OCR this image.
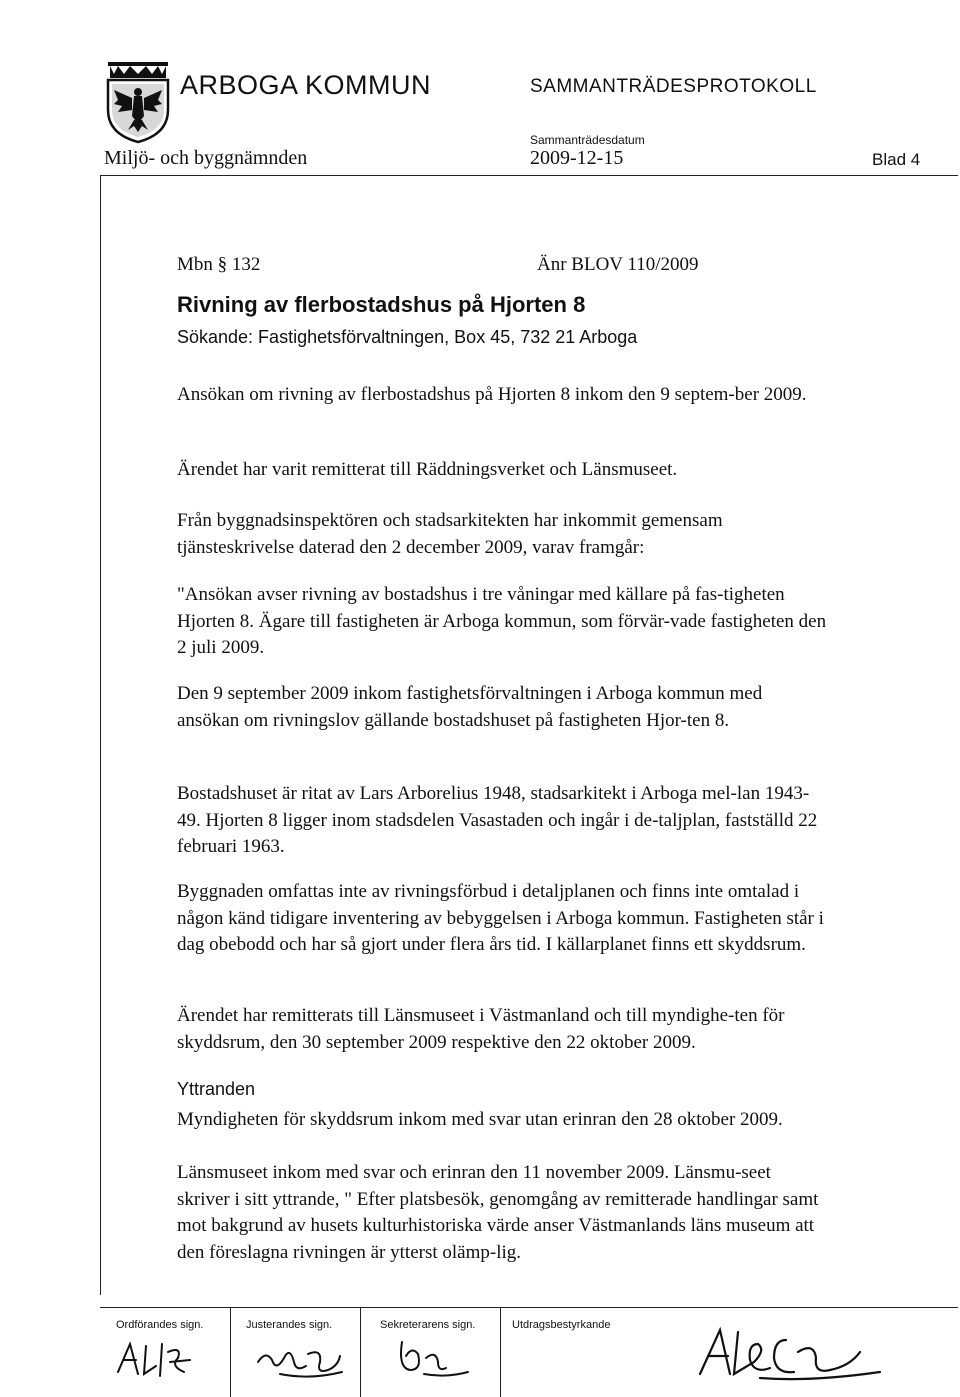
ARBOGA KOMMUN	SAMMANTRÄDESPROTOKOLL
Sammanträdesdatum
Miljö- och byggnämnden	2009-12-15	Blad 4
Mbn § 132	Änr BLOV 110/2009
Rivning av flerbostadshus på Hjorten 8
Sökande: Fastighetsförvaltningen, Box 45, 732 21 Arboga

Ansökan om rivning av flerbostadshus på Hjorten 8 inkom den 9 septem-ber 2009.

Ärendet har varit remitterat till Räddningsverket och Länsmuseet.

Från byggnadsinspektören och stadsarkitekten har inkommit gemensam tjänsteskrivelse daterad den 2 december 2009, varav framgår:

"Ansökan avser rivning av bostadshus i tre våningar med källare på fas-tigheten Hjorten 8. Ägare till fastigheten är Arboga kommun, som förvär-vade fastigheten den 2 juli 2009.

Den 9 september 2009 inkom fastighetsförvaltningen i Arboga kommun med ansökan om rivningslov gällande bostadshuset på fastigheten Hjor-ten 8.

Bostadshuset är ritat av Lars Arborelius 1948, stadsarkitekt i Arboga mel-lan 1943-49. Hjorten 8 ligger inom stadsdelen Vasastaden och ingår i de-taljplan, fastställd 22 februari 1963.

Byggnaden omfattas inte av rivningsförbud i detaljplanen och finns inte omtalad i någon känd tidigare inventering av bebyggelsen i Arboga kommun. Fastigheten står i dag obebodd och har så gjort under flera års tid. I källarplanet finns ett skyddsrum.

Ärendet har remitterats till Länsmuseet i Västmanland och till myndighe-ten för skyddsrum, den 30 september 2009 respektive den 22 oktober 2009.

Yttranden

Myndigheten för skyddsrum inkom med svar utan erinran den 28 oktober 2009.

Länsmuseet inkom med svar och erinran den 11 november 2009. Länsmu-seet skriver i sitt yttrande, " Efter platsbesök, genomgång av remitterade handlingar samt mot bakgrund av husets kulturhistoriska värde anser Västmanlands läns museum att den föreslagna rivningen är ytterst olämp-lig.

Ordförandes sign.	Justerandes sign.	Sekreterarens sign.	Utdragsbestyrkande
